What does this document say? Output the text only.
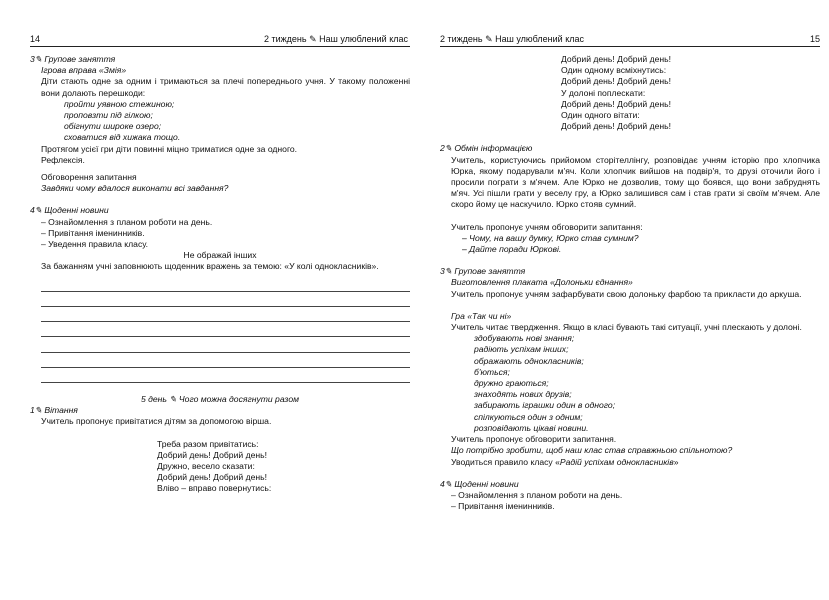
14	2 тиждень ✎ Наш улюблений клас
3✎ Групове заняття
Ігрова вправа «Змія»
Діти стають одне за одним і тримаються за плечі попереднього учня. У такому положенні вони долають перешкоди:
пройти уявною стежиною;
проповзти під гілкою;
обігнути широке озеро;
сховатися від хижака тощо.
Протягом усієї гри діти повинні міцно триматися одне за одного.
Рефлексія.
Обговорення запитання
Завдяки чому вдалося виконати всі завдання?
4✎ Щоденні новини
– Ознайомлення з планом роботи на день.
– Привітання іменинників.
– Уведення правила класу.
Не ображай інших
За бажанням учні заповнюють щоденник вражень за темою: «У колі однокласників».
5 день ✎ Чого можна досягнути разом
1✎ Вітання
Учитель пропонує привітатися дітям за допомогою вірша.
Треба разом привітатись:
Добрий день! Добрий день!
Дружно, весело сказати:
Добрий день! Добрий день!
Вліво – вправо повернутись:
2 тиждень ✎ Наш улюблений клас	15
Добрий день! Добрий день!
Один одному всміхнутись:
Добрий день! Добрий день!
У долоні поплескати:
Добрий день! Добрий день!
Один одного вітати:
Добрий день! Добрий день!
2✎ Обмін інформацією
Учитель, користуючись прийомом сторітеллінгу, розповідає учням історію про хлопчика Юрка, якому подарували м'яч. Коли хлопчик вийшов на подвір'я, то друзі оточили його і просили пограти з м'ячем. Але Юрко не дозволив, тому що боявся, що вони забруднять м'яч. Усі пішли грати у веселу гру, а Юрко залишився сам і став грати зі своїм м'ячем. Але скоро йому це наскучило. Юрко стояв сумний.
Учитель пропонує учням обговорити запитання:
– Чому, на вашу думку, Юрко став сумним?
– Дайте поради Юркові.
3✎ Групове заняття
Виготовлення плаката «Долоньки єднання»
Учитель пропонує учням зафарбувати свою долоньку фарбою та прикласти до аркуша.
Гра «Так чи ні»
Учитель читає твердження. Якщо в класі бувають такі ситуації, учні плескають у долоні.
здобувають нові знання;
радіють успіхам інших;
ображають однокласників;
б'ються;
дружно граються;
знаходять нових друзів;
забирають іграшки один в одного;
спілкуються один з одним;
розповідають цікаві новини.
Учитель пропонує обговорити запитання.
Що потрібно зробити, щоб наш клас став справжньою спільнотою?
Уводиться правило класу «Радій успіхам однокласників»
4✎ Щоденні новини
– Ознайомлення з планом роботи на день.
– Привітання іменинників.
